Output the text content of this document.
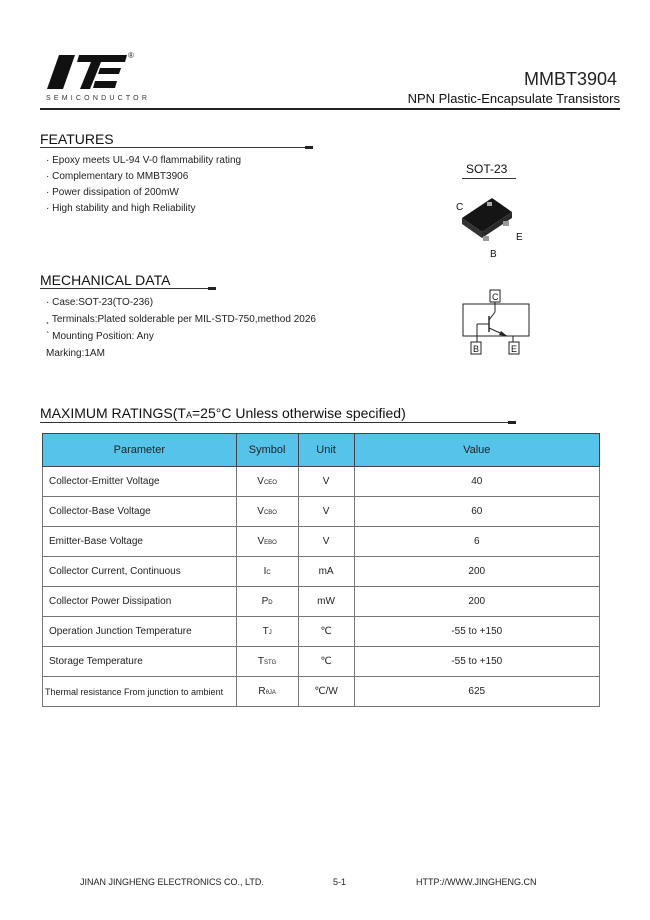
®
SEMICONDUCTOR
MMBT3904
NPN Plastic-Encapsulate Transistors
FEATURES
· Epoxy meets UL-94 V-0 flammability rating
· Complementary to MMBT3906
· Power dissipation of 200mW
· High stability and high Reliability
SOT-23
C
E
B
C
B	E
MECHANICAL DATA
· Case:SOT-23(TO-236)
¸ Terminals:Plated solderable per MIL-STD-750,method 2026
` Mounting Position: Any
Marking:1AM
MAXIMUM RATINGS(TA=25°C Unless otherwise specified)
Parameter	Symbol	Unit	Value
Collector-Emitter Voltage	VCEO	V	40
Collector-Base Voltage	VCBO	V	60
Emitter-Base Voltage	VEBO	V	6
Collector Current, Continuous	IC	mA	200
Collector Power Dissipation	PD	mW	200
Operation Junction Temperature	TJ	℃	-55 to +150
Storage Temperature	TSTG	℃	-55 to +150
Thermal resistance From junction to ambient	RθJA	℃/W	625
JINAN JINGHENG ELECTRONICS CO., LTD.	5-1	HTTP://WWW.JINGHENG.CN
